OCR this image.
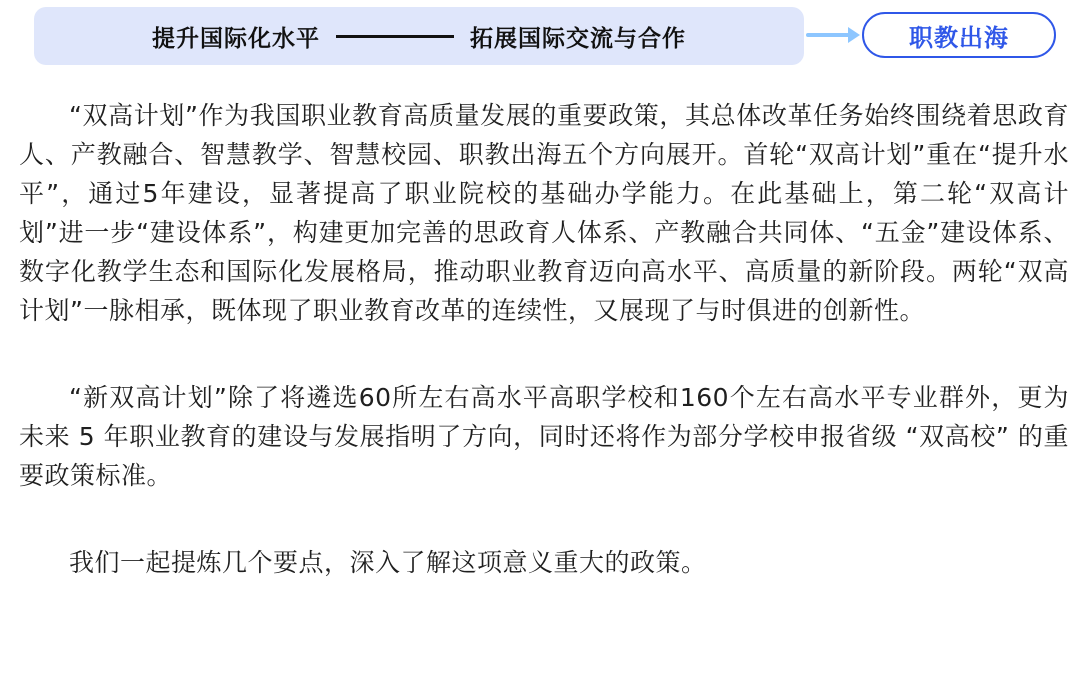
提升国际化水平	拓展国际交流与合作	职教出海

“双高计划”作为我国职业教育高质量发展的重要政策，其总体改革任务始终围绕着思政育人、产教融合、智慧教学、智慧校园、职教出海五个方向展开。首轮“双高计划”重在“提升水平”，通过5年建设，显著提高了职业院校的基础办学能力。在此基础上，第二轮“双高计划”进一步“建设体系”，构建更加完善的思政育人体系、产教融合共同体、“五金”建设体系、数字化教学生态和国际化发展格局，推动职业教育迈向高水平、高质量的新阶段。两轮“双高计划”一脉相承，既体现了职业教育改革的连续性，又展现了与时俱进的创新性。

“新双高计划”除了将遴选60所左右高水平高职学校和160个左右高水平专业群外，更为未来 5 年职业教育的建设与发展指明了方向，同时还将作为部分学校申报省级 “双高校” 的重要政策标准。

我们一起提炼几个要点，深入了解这项意义重大的政策。
